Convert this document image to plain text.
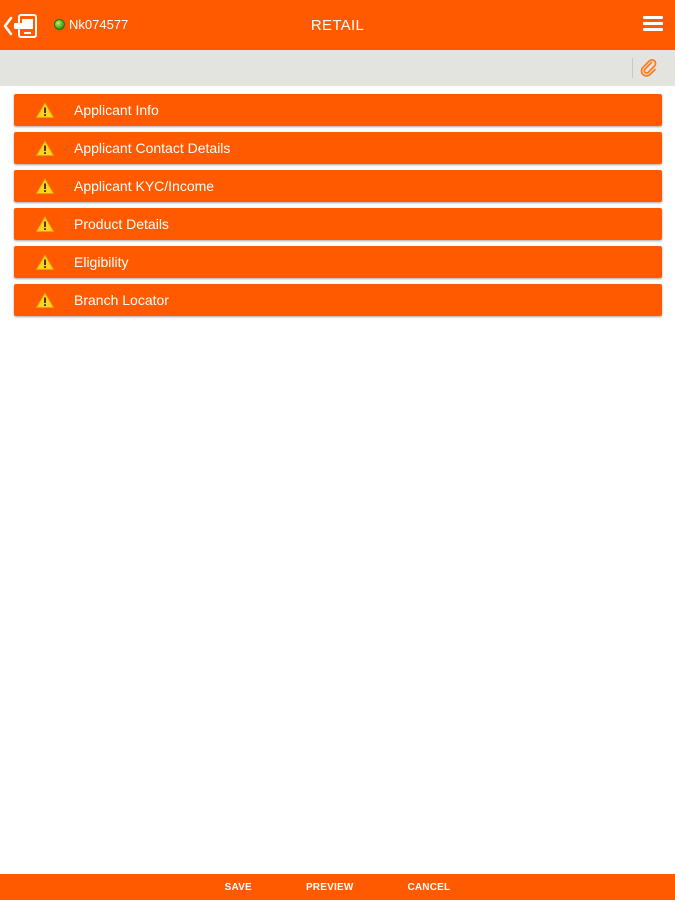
Nk074577	RETAIL
Applicant Info
Applicant Contact Details
Applicant KYC/Income
Product Details
Eligibility
Branch Locator
SAVE	PREVIEW	CANCEL
